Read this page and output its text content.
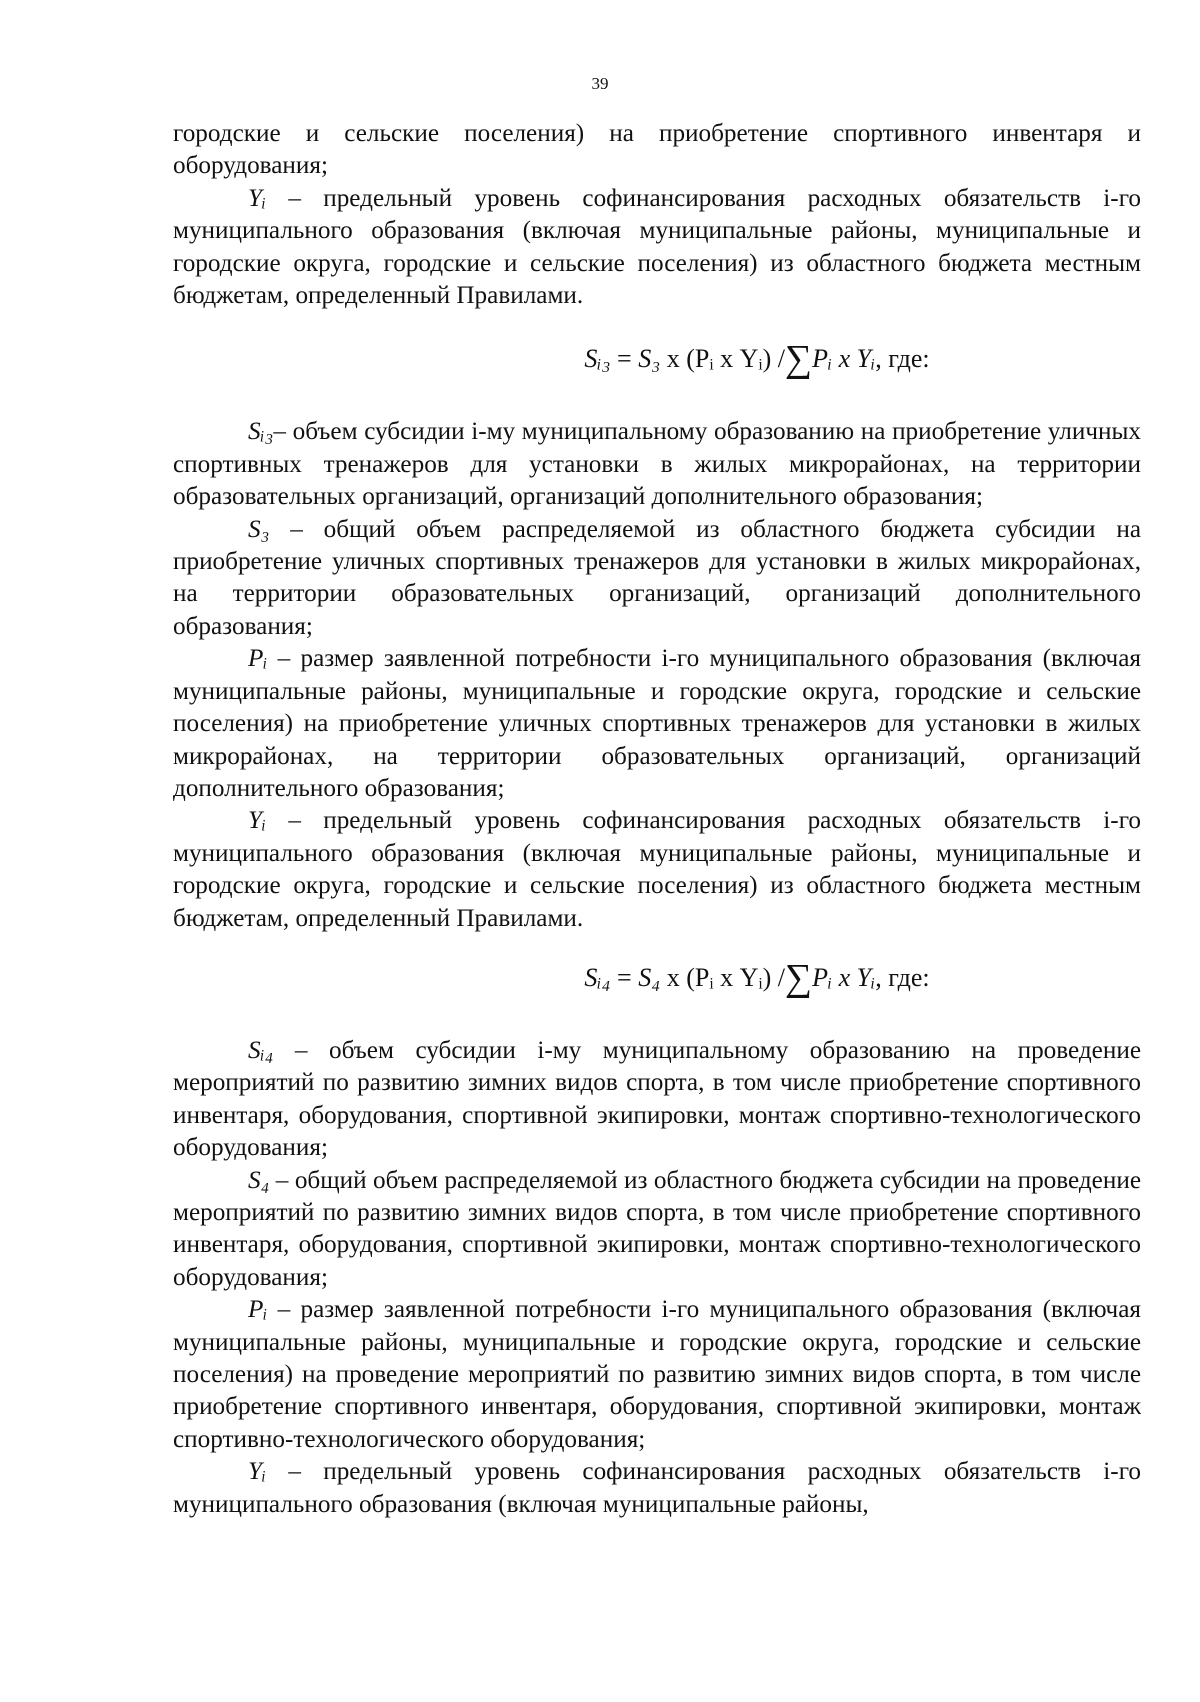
39

городские и сельские поселения) на приобретение спортивного инвентаря и оборудования;

Yᵢ – предельный уровень софинансирования расходных обязательств i-го муниципального образования (включая муниципальные районы, муниципальные и городские округа, городские и сельские поселения) из областного бюджета местным бюджетам, определенный Правилами.

Sᵢ₃ = S₃ х (Pᵢ х Yᵢ) /∑Pᵢ х Yᵢ, где:

Sᵢ₃– объем субсидии i-му муниципальному образованию на приобретение уличных спортивных тренажеров для установки в жилых микрорайонах, на территории образовательных организаций, организаций дополнительного образования;

S₃ – общий объем распределяемой из областного бюджета субсидии на приобретение уличных спортивных тренажеров для установки в жилых микрорайонах, на территории образовательных организаций, организаций дополнительного образования;

Pᵢ – размер заявленной потребности i-го муниципального образования (включая муниципальные районы, муниципальные и городские округа, городские и сельские поселения) на приобретение уличных спортивных тренажеров для установки в жилых микрорайонах, на территории образовательных организаций, организаций дополнительного образования;

Yᵢ – предельный уровень софинансирования расходных обязательств i-го муниципального образования (включая муниципальные районы, муниципальные и городские округа, городские и сельские поселения) из областного бюджета местным бюджетам, определенный Правилами.

Sᵢ₄ = S₄ х (Pᵢ х Yᵢ) /∑Pᵢ х Yᵢ, где:

Sᵢ₄ – объем субсидии i-му муниципальному образованию на проведение мероприятий по развитию зимних видов спорта, в том числе приобретение спортивного инвентаря, оборудования, спортивной экипировки, монтаж спортивно-технологического оборудования;

S₄ – общий объем распределяемой из областного бюджета субсидии на проведение мероприятий по развитию зимних видов спорта, в том числе приобретение спортивного инвентаря, оборудования, спортивной экипировки, монтаж спортивно-технологического оборудования;

Pᵢ – размер заявленной потребности i-го муниципального образования (включая муниципальные районы, муниципальные и городские округа, городские и сельские поселения) на проведение мероприятий по развитию зимних видов спорта, в том числе приобретение спортивного инвентаря, оборудования, спортивной экипировки, монтаж спортивно-технологического оборудования;

Yᵢ – предельный уровень софинансирования расходных обязательств i-го муниципального образования (включая муниципальные районы,
